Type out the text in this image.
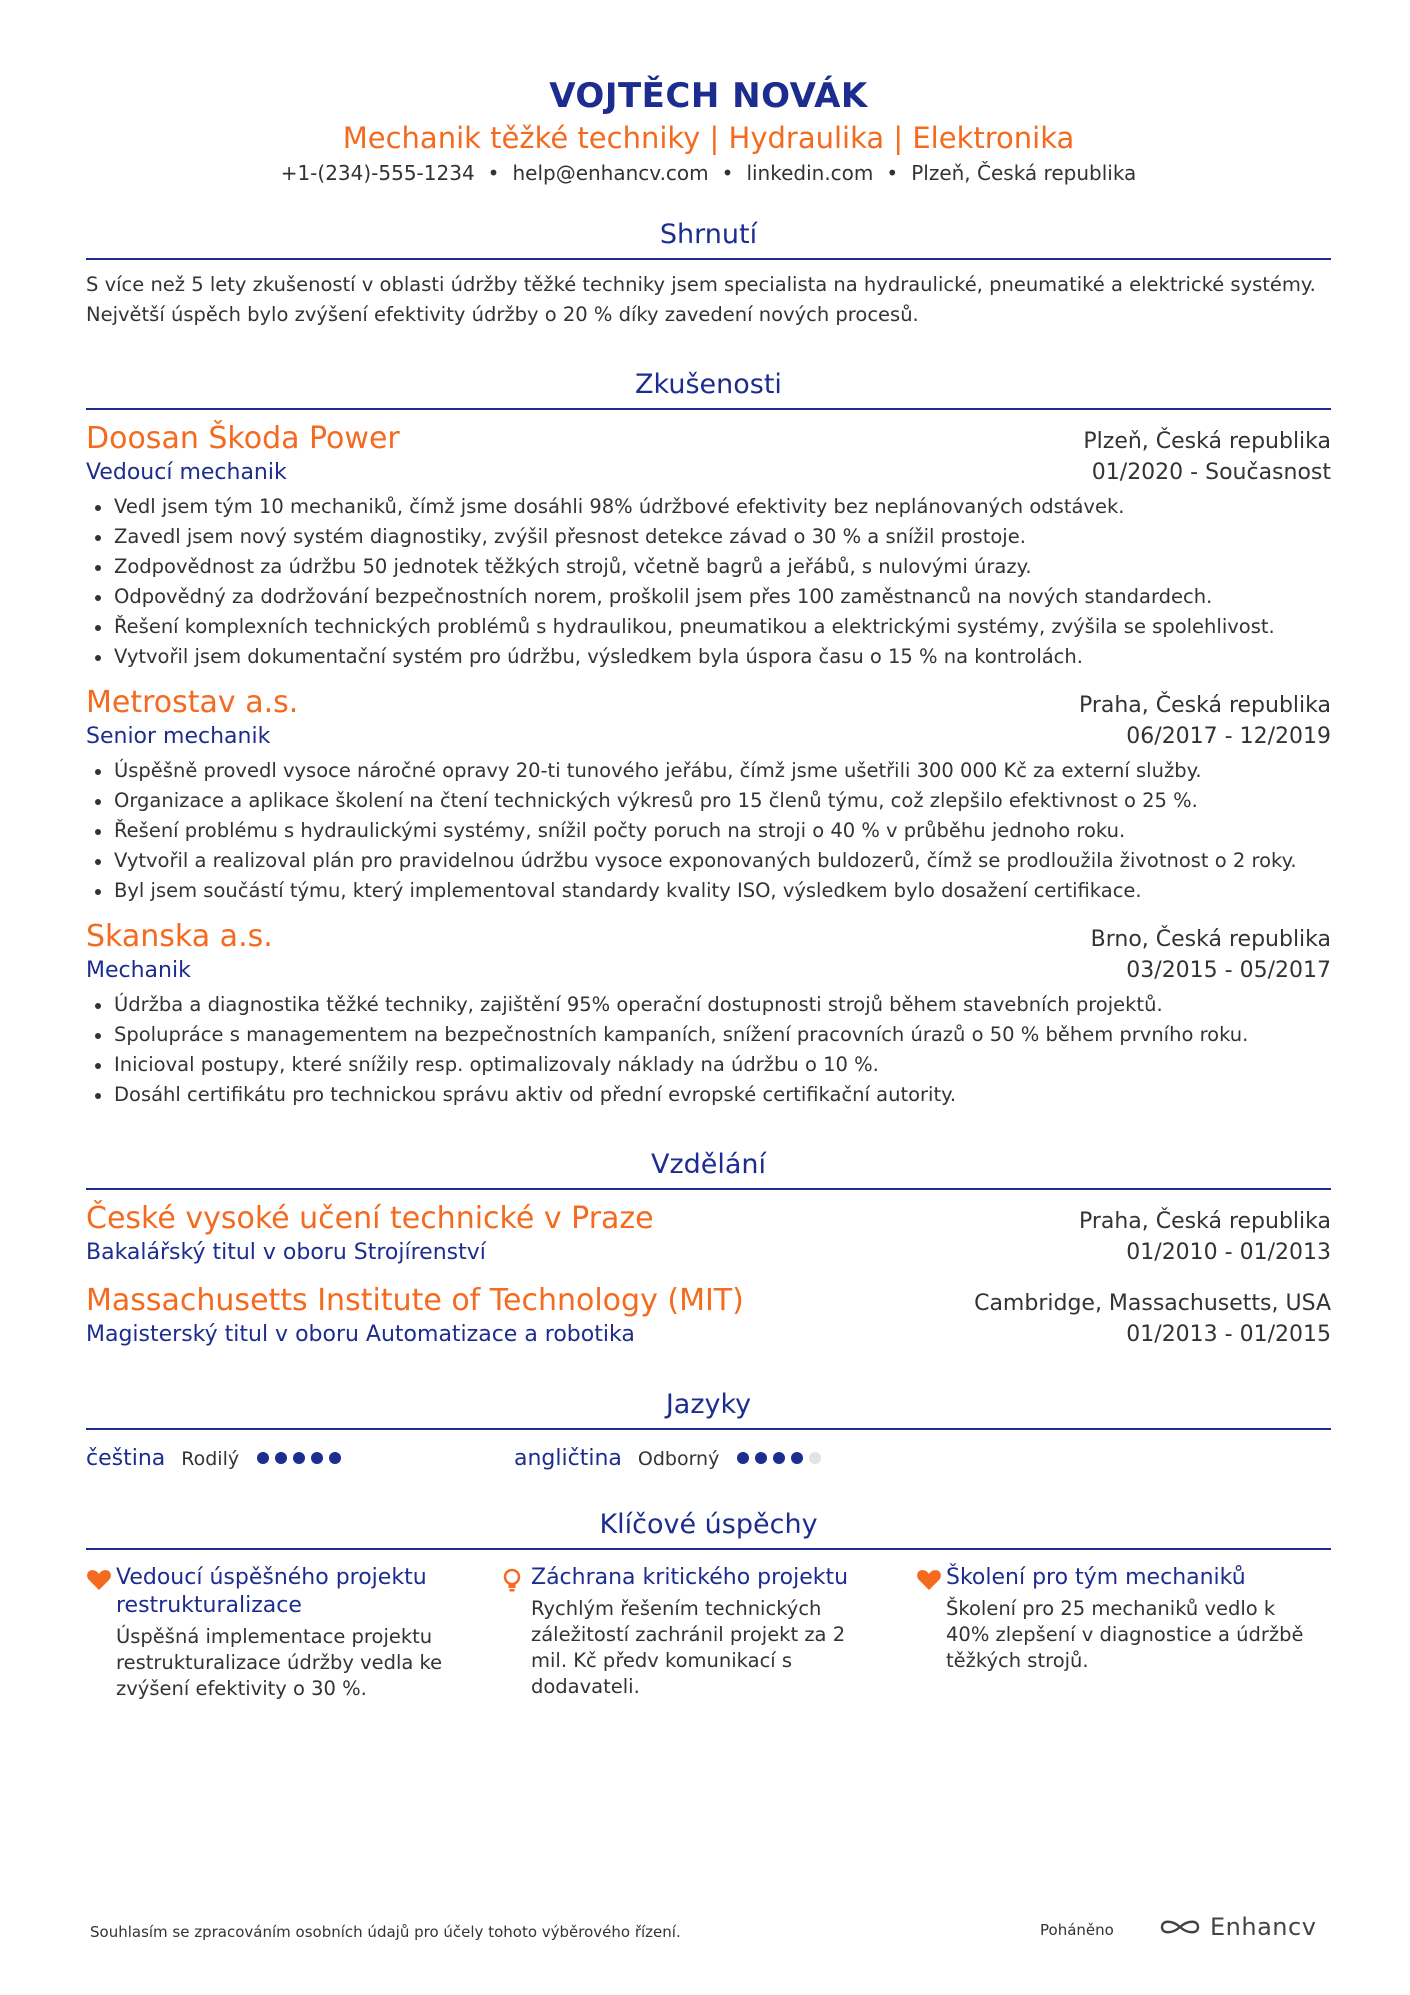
VOJTĚCH NOVÁK
Mechanik těžké techniky | Hydraulika | Elektronika
+1-(234)-555-1234 • help@enhancv.com • linkedin.com • Plzeň, Česká republika
Shrnutí
S více než 5 lety zkušeností v oblasti údržby těžké techniky jsem specialista na hydraulické, pneumatiké a elektrické systémy. Největší úspěch bylo zvýšení efektivity údržby o 20 % díky zavedení nových procesů.
Zkušenosti
Doosan Škoda Power	Plzeň, Česká republika
Vedoucí mechanik	01/2020 - Současnost
Vedl jsem tým 10 mechaniků, čímž jsme dosáhli 98% údržbové efektivity bez neplánovaných odstávek.
Zavedl jsem nový systém diagnostiky, zvýšil přesnost detekce závad o 30 % a snížil prostoje.
Zodpovědnost za údržbu 50 jednotek těžkých strojů, včetně bagrů a jeřábů, s nulovými úrazy.
Odpovědný za dodržování bezpečnostních norem, proškolil jsem přes 100 zaměstnanců na nových standardech.
Řešení komplexních technických problémů s hydraulikou, pneumatikou a elektrickými systémy, zvýšila se spolehlivost.
Vytvořil jsem dokumentační systém pro údržbu, výsledkem byla úspora času o 15 % na kontrolách.
Metrostav a.s.	Praha, Česká republika
Senior mechanik	06/2017 - 12/2019
Úspěšně provedl vysoce náročné opravy 20-ti tunového jeřábu, čímž jsme ušetřili 300 000 Kč za externí služby.
Organizace a aplikace školení na čtení technických výkresů pro 15 členů týmu, což zlepšilo efektivnost o 25 %.
Řešení problému s hydraulickými systémy, snížil počty poruch na stroji o 40 % v průběhu jednoho roku.
Vytvořil a realizoval plán pro pravidelnou údržbu vysoce exponovaných buldozerů, čímž se prodloužila životnost o 2 roky.
Byl jsem součástí týmu, který implementoval standardy kvality ISO, výsledkem bylo dosažení certifikace.
Skanska a.s.	Brno, Česká republika
Mechanik	03/2015 - 05/2017
Údržba a diagnostika těžké techniky, zajištění 95% operační dostupnosti strojů během stavebních projektů.
Spolupráce s managementem na bezpečnostních kampaních, snížení pracovních úrazů o 50 % během prvního roku.
Inicioval postupy, které snížily resp. optimalizovaly náklady na údržbu o 10 %.
Dosáhl certifikátu pro technickou správu aktiv od přední evropské certifikační autority.
Vzdělání
České vysoké učení technické v Praze	Praha, Česká republika
Bakalářský titul v oboru Strojírenství	01/2010 - 01/2013
Massachusetts Institute of Technology (MIT)	Cambridge, Massachusetts, USA
Magisterský titul v oboru Automatizace a robotika	01/2013 - 01/2015
Jazyky
čeština Rodilý	angličtina Odborný
Klíčové úspěchy
Vedoucí úspěšného projektu restrukturalizace
Úspěšná implementace projektu restrukturalizace údržby vedla ke zvýšení efektivity o 30 %.
Záchrana kritického projektu
Rychlým řešením technických záležitostí zachránil projekt za 2 mil. Kč předv komunikací s dodavateli.
Školení pro tým mechaniků
Školení pro 25 mechaniků vedlo k 40% zlepšení v diagnostice a údržbě těžkých strojů.
Souhlasím se zpracováním osobních údajů pro účely tohoto výběrového řízení.	Poháněno	Enhancv
